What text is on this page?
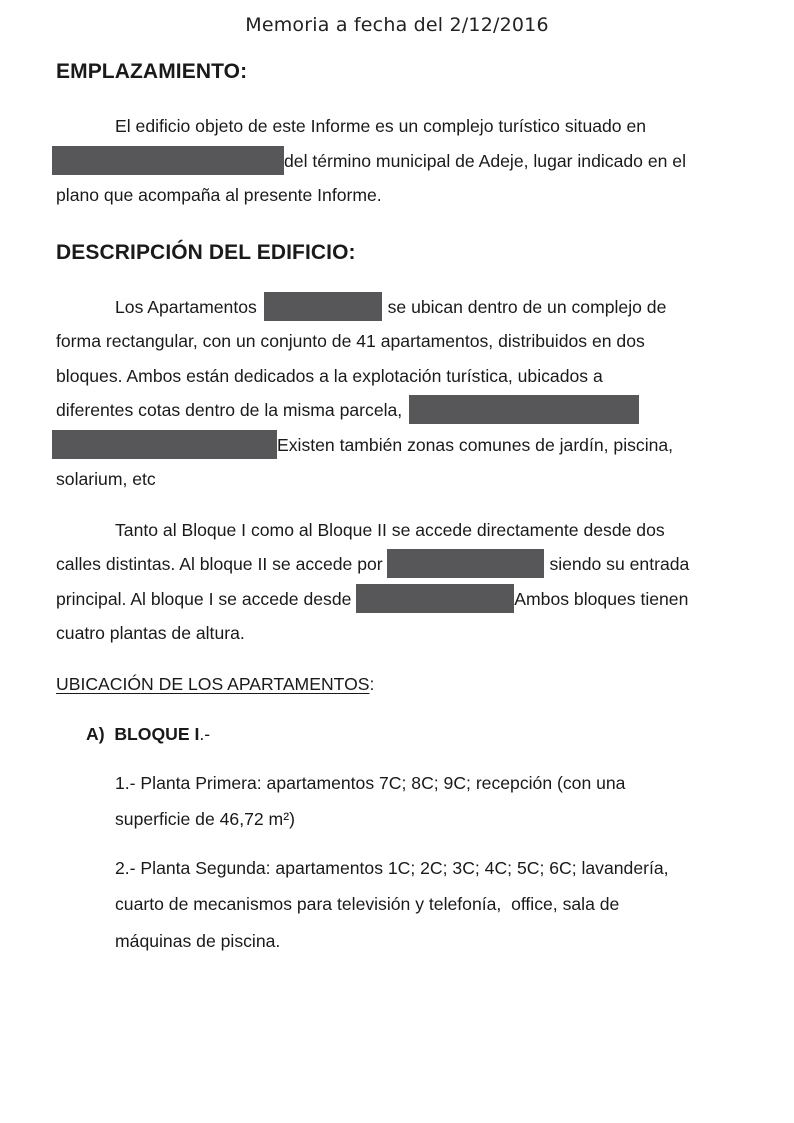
Memoria a fecha del 2/12/2016
EMPLAZAMIENTO:
El edificio objeto de este Informe es un complejo turístico situado en
del término municipal de Adeje, lugar indicado en el
plano que acompaña al presente Informe.
DESCRIPCIÓN DEL EDIFICIO:
Los Apartamentos	se ubican dentro de un complejo de
forma rectangular, con un conjunto de 41 apartamentos, distribuidos en dos
bloques. Ambos están dedicados a la explotación turística, ubicados a
diferentes cotas dentro de la misma parcela,
Existen también zonas comunes de jardín, piscina,
solarium, etc
Tanto al Bloque I como al Bloque II se accede directamente desde dos
calles distintas. Al bloque II se accede por	siendo su entrada
principal. Al bloque I se accede desde	Ambos bloques tienen
cuatro plantas de altura.
UBICACIÓN DE LOS APARTAMENTOS:
A)  BLOQUE I.-
1.- Planta Primera: apartamentos 7C; 8C; 9C; recepción (con una
superficie de 46,72 m²)
2.- Planta Segunda: apartamentos 1C; 2C; 3C; 4C; 5C; 6C; lavandería,
cuarto de mecanismos para televisión y telefonía,  office, sala de
máquinas de piscina.
